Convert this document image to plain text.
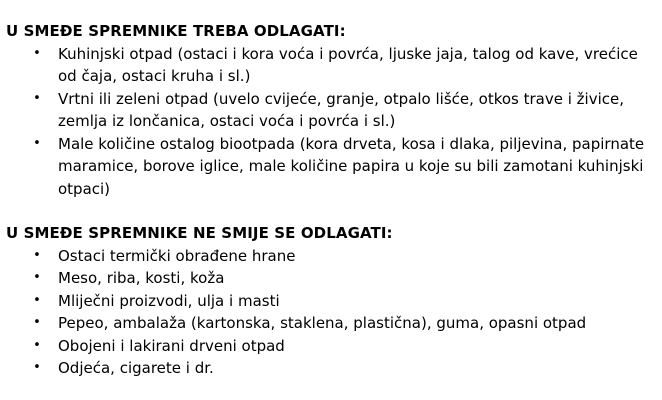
U SMEĐE SPREMNIKE TREBA ODLAGATI:

• Kuhinjski otpad (ostaci i kora voća i povrća, ljuske jaja, talog od kave, vrećice od čaja, ostaci kruha i sl.)
• Vrtni ili zeleni otpad (uvelo cvijeće, granje, otpalo lišće, otkos trave i živice, zemlja iz lončanica, ostaci voća i povrća i sl.)
• Male količine ostalog biootpada (kora drveta, kosa i dlaka, piljevina, papirnate maramice, borove iglice, male količine papira u koje su bili zamotani kuhinjski otpaci)

U SMEĐE SPREMNIKE NE SMIJE SE ODLAGATI:

• Ostaci termički obrađene hrane
• Meso, riba, kosti, koža
• Mliječni proizvodi, ulja i masti
• Pepeo, ambalaža (kartonska, staklena, plastična), guma, opasni otpad
• Obojeni i lakirani drveni otpad
• Odjeća, cigarete i dr.
